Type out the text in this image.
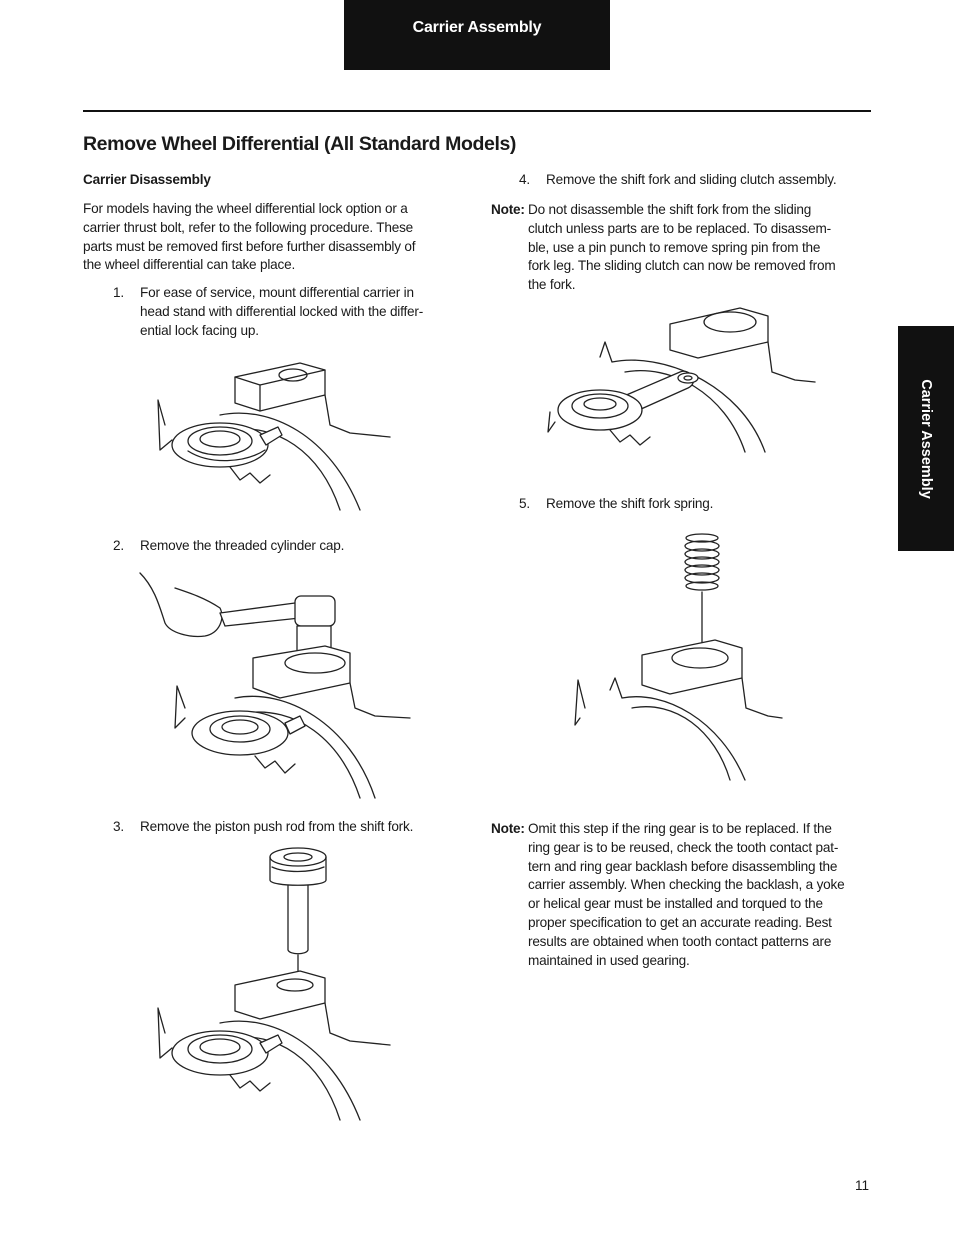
Carrier Assembly
Remove Wheel Differential (All Standard Models)
Carrier Assembly
Carrier Disassembly
For models having the wheel differential lock option or a
carrier thrust bolt, refer to the following procedure. These
parts must be removed first before further disassembly of
the wheel differential can take place.
1. For ease of service, mount differential carrier in
head stand with differential locked with the differ-
ential lock facing up.
2. Remove the threaded cylinder cap.
3. Remove the piston push rod from the shift fork.
4. Remove the shift fork and sliding clutch assembly.
Note: Do not disassemble the shift fork from the sliding
clutch unless parts are to be replaced. To disassem-
ble, use a pin punch to remove spring pin from the
fork leg. The sliding clutch can now be removed from
the fork.
5. Remove the shift fork spring.
Note: Omit this step if the ring gear is to be replaced. If the
ring gear is to be reused, check the tooth contact pat-
tern and ring gear backlash before disassembling the
carrier assembly. When checking the backlash, a yoke
or helical gear must be installed and torqued to the
proper specification to get an accurate reading. Best
results are obtained when tooth contact patterns are
maintained in used gearing.
11
